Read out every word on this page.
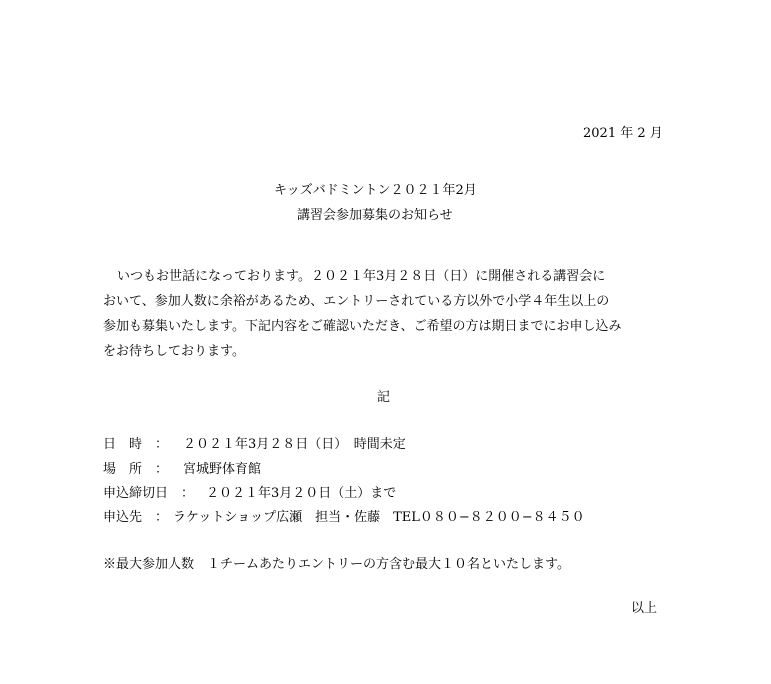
2021 年 2 月
キッズバドミントン２０２１年2月
講習会参加募集のお知らせ
いつもお世話になっております。２０２１年3月２８日（日）に開催される講習会に
おいて、参加人数に余裕があるため、エントリーされている方以外で小学４年生以上の
参加も募集いたします。下記内容をご確認いただき、ご希望の方は期日までにお申し込み
をお待ちしております。
記
日　時　： ２０２１年3月２８日（日）　時間未定
場　所　： 宮城野体育館
申込締切日　： ２０２１年3月２０日（土）まで
申込先　： ラケットショップ広瀬　担当・佐藤　TEL０８０−８２００−８４５０
※最大参加人数　１チームあたりエントリーの方含む最大１０名といたします。
以上
